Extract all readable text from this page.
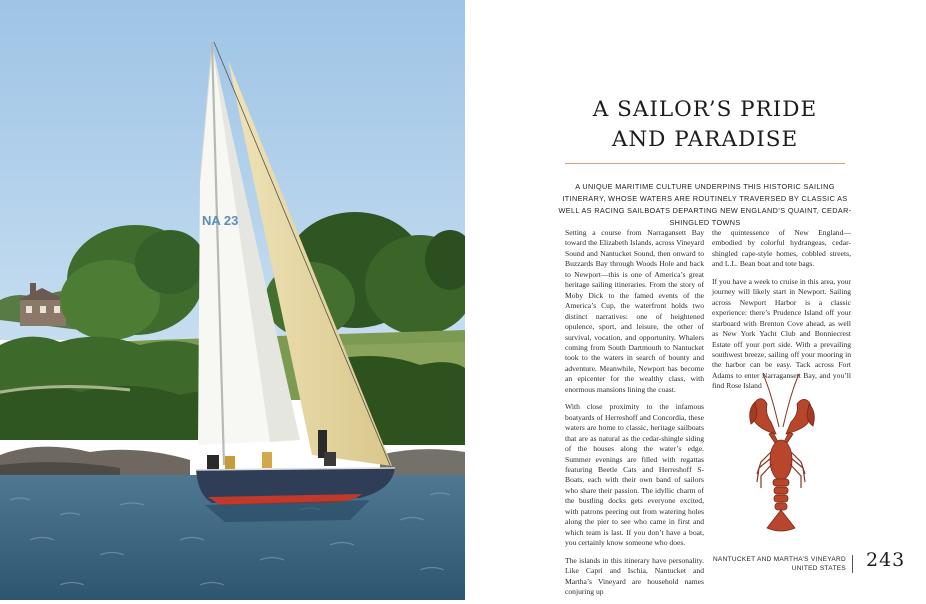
NA 23
A SAILOR’S PRIDE
AND PARADISE

A UNIQUE MARITIME CULTURE UNDERPINS THIS HISTORIC SAILING ITINERARY, WHOSE WATERS ARE ROUTINELY TRAVERSED BY CLASSIC AS WELL AS RACING SAILBOATS DEPARTING NEW ENGLAND’S QUAINT, CEDAR-SHINGLED TOWNS

Setting a course from Narragansett Bay toward the Elizabeth Islands, across Vineyard Sound and Nantucket Sound, then onward to Buzzards Bay through Woods Hole and back to Newport—this is one of America’s great heritage sailing itineraries. From the story of Moby Dick to the famed events of the America’s Cup, the waterfront holds two distinct narratives: one of heightened opulence, sport, and leisure, the other of survival, vocation, and opportunity. Whalers coming from South Dartmouth to Nantucket took to the waters in search of bounty and adventure. Meanwhile, Newport has become an epicenter for the wealthy class, with enormous mansions lining the coast.

With close proximity to the infamous boatyards of Herreshoff and Concordia, these waters are home to classic, heritage sailboats that are as natural as the cedar-shingle siding of the houses along the water’s edge. Summer evenings are filled with regattas featuring Beetle Cats and Herreshoff S-Boats, each with their own band of sailors who share their passion. The idyllic charm of the bustling docks gets everyone excited, with patrons peering out from watering holes along the pier to see who came in first and which team is last. If you don’t have a boat, you certainly know someone who does.

The islands in this itinerary have personality. Like Capri and Ischia, Nantucket and Martha’s Vineyard are household names conjuring up

the quintessence of New England—embodied by colorful hydrangeas, cedar-shingled cape-style homes, cobbled streets, and L.L. Bean boat and tote bags.

If you have a week to cruise in this area, your journey will likely start in Newport. Sailing across Newport Harbor is a classic experience: there’s Prudence Island off your starboard with Brenton Cove ahead, as well as New York Yacht Club and Bonniecrest Estate off your port side. With a prevailing southwest breeze, sailing off your mooring in the harbor can be easy. Tack across Fort Adams to enter Narragansett Bay, and you’ll find Rose Island

NANTUCKET AND MARTHA’S VINEYARD
UNITED STATES 243
